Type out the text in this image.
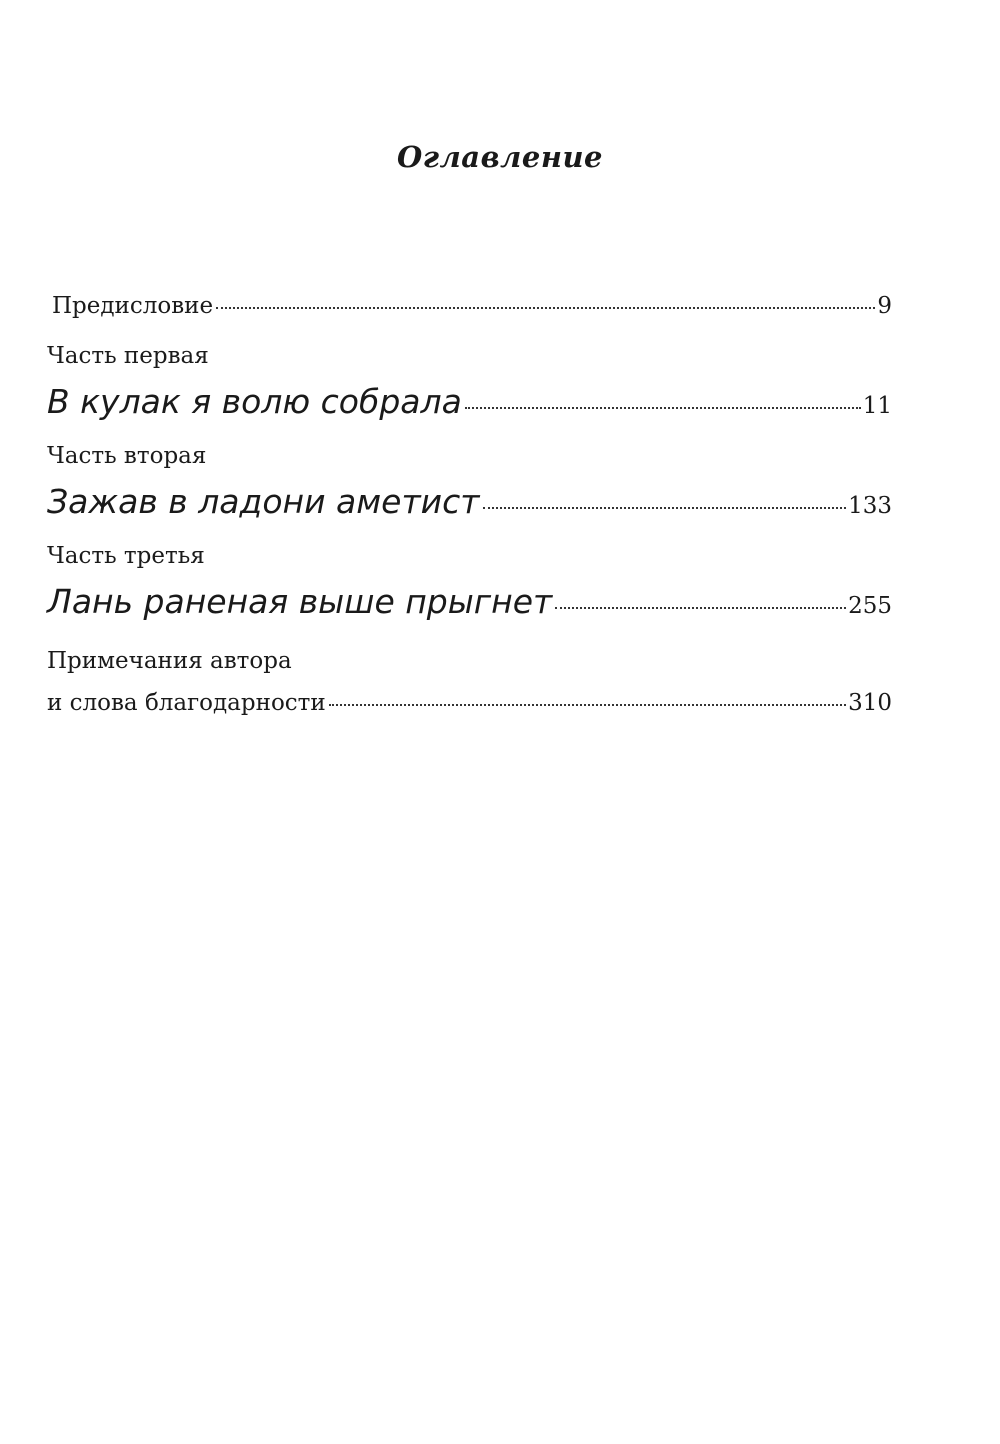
Оглавление
Предисловие	9
Часть первая
В кулак я волю собрала	11
Часть вторая
Зажав в ладони аметист	133
Часть третья
Лань раненая выше прыгнет	255
Примечания автора
и слова благодарности	310
